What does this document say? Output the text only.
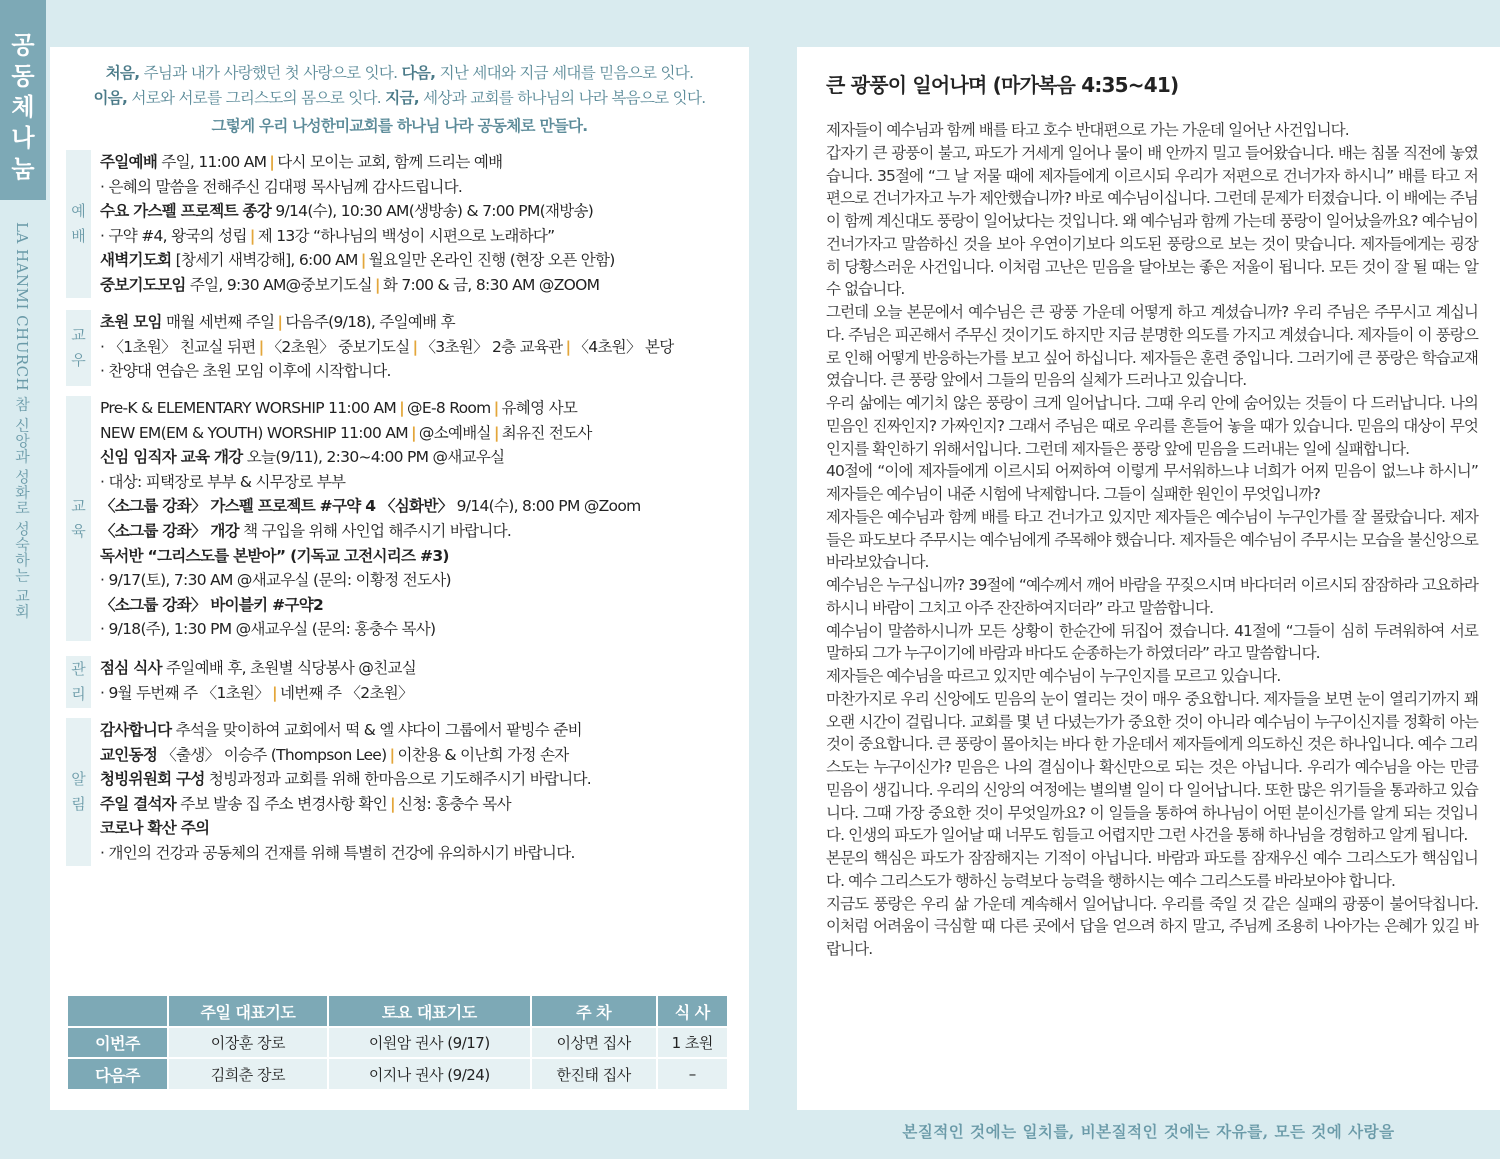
공
동
체
나
눔
LA HANMI CHURCH 참 신앙과 성화로 성숙하는 교회
처음, 주님과 내가 사랑했던 첫 사랑으로 잇다. 다음, 지난 세대와 지금 세대를 믿음으로 잇다.
이음, 서로와 서로를 그리스도의 몸으로 잇다. 지금, 세상과 교회를 하나님의 나라 복음으로 잇다.
그렇게 우리 나성한미교회를 하나님 나라 공동체로 만들다.
예
배
주일예배 주일, 11:00 AM | 다시 모이는 교회, 함께 드리는 예배
· 은혜의 말씀을 전해주신 김대평 목사님께 감사드립니다.
수요 가스펠 프로젝트 종강 9/14(수), 10:30 AM(생방송) & 7:00 PM(재방송)
· 구약 #4, 왕국의 성립 | 제 13강 “하나님의 백성이 시편으로 노래하다”
새벽기도회 [창세기 새벽강해], 6:00 AM | 월요일만 온라인 진행 (현장 오픈 안함)
중보기도모임 주일, 9:30 AM@중보기도실 | 화 7:00 & 금, 8:30 AM @ZOOM
교
우
초원 모임 매월 세번째 주일 | 다음주(9/18), 주일예배 후
· 〈1초원〉 친교실 뒤편 | 〈2초원〉 중보기도실 | 〈3초원〉 2층 교육관 | 〈4초원〉 본당
· 찬양대 연습은 초원 모임 이후에 시작합니다.
교
육
Pre-K & ELEMENTARY WORSHIP 11:00 AM | @E-8 Room | 유혜영 사모
NEW EM(EM & YOUTH) WORSHIP 11:00 AM | @소예배실 | 최유진 전도사
신임 임직자 교육 개강 오늘(9/11), 2:30~4:00 PM @새교우실
· 대상: 피택장로 부부 & 시무장로 부부
〈소그룹 강좌〉 가스펠 프로젝트 #구약 4 〈심화반〉 9/14(수), 8:00 PM @Zoom
〈소그룹 강좌〉 개강 책 구입을 위해 사인업 해주시기 바랍니다.
독서반 “그리스도를 본받아” (기독교 고전시리즈 #3)
· 9/17(토), 7:30 AM @새교우실 (문의: 이황정 전도사)
〈소그룹 강좌〉 바이블키 #구약2
· 9/18(주), 1:30 PM @새교우실 (문의: 홍충수 목사)
관
리
점심 식사 주일예배 후, 초원별 식당봉사 @친교실
· 9월 두번째 주 〈1초원〉 | 네번째 주 〈2초원〉
알
림
감사합니다 추석을 맞이하여 교회에서 떡 & 엘 샤다이 그룹에서 팥빙수 준비
교인동정 〈출생〉 이승주 (Thompson Lee) | 이찬용 & 이난희 가정 손자
청빙위원회 구성 청빙과정과 교회를 위해 한마음으로 기도해주시기 바랍니다.
주일 결석자 주보 발송 집 주소 변경사항 확인 | 신청: 홍충수 목사
코로나 확산 주의
· 개인의 건강과 공동체의 건재를 위해 특별히 건강에 유의하시기 바랍니다.
	주일 대표기도	토요 대표기도	주 차	식 사
이번주	이장훈 장로	이원암 권사 (9/17)	이상면 집사	1 초원
다음주	김희춘 장로	이지나 권사 (9/24)	한진태 집사	–
큰 광풍이 일어나며 (마가복음 4:35~41)

제자들이 예수님과 함께 배를 타고 호수 반대편으로 가는 가운데 일어난 사건입니다.

갑자기 큰 광풍이 불고, 파도가 거세게 일어나 물이 배 안까지 밀고 들어왔습니다. 배는 침몰 직전에 놓였습니다. 35절에 “그 날 저물 때에 제자들에게 이르시되 우리가 저편으로 건너가자 하시니” 배를 타고 저편으로 건너가자고 누가 제안했습니까? 바로 예수님이십니다. 그런데 문제가 터졌습니다. 이 배에는 주님이 함께 계신대도 풍랑이 일어났다는 것입니다. 왜 예수님과 함께 가는데 풍랑이 일어났을까요? 예수님이 건너가자고 말씀하신 것을 보아 우연이기보다 의도된 풍랑으로 보는 것이 맞습니다. 제자들에게는 굉장히 당황스러운 사건입니다. 이처럼 고난은 믿음을 달아보는 좋은 저울이 됩니다. 모든 것이 잘 될 때는 알 수 없습니다.

그런데 오늘 본문에서 예수님은 큰 광풍 가운데 어떻게 하고 계셨습니까? 우리 주님은 주무시고 계십니다. 주님은 피곤해서 주무신 것이기도 하지만 지금 분명한 의도를 가지고 계셨습니다. 제자들이 이 풍랑으로 인해 어떻게 반응하는가를 보고 싶어 하십니다. 제자들은 훈련 중입니다. 그러기에 큰 풍랑은 학습교재였습니다. 큰 풍랑 앞에서 그들의 믿음의 실체가 드러나고 있습니다.

우리 삶에는 예기치 않은 풍랑이 크게 일어납니다. 그때 우리 안에 숨어있는 것들이 다 드러납니다. 나의 믿음인 진짜인지? 가짜인지? 그래서 주님은 때로 우리를 흔들어 놓을 때가 있습니다. 믿음의 대상이 무엇인지를 확인하기 위해서입니다. 그런데 제자들은 풍랑 앞에 믿음을 드러내는 일에 실패합니다.

40절에 “이에 제자들에게 이르시되 어찌하여 이렇게 무서워하느냐 너희가 어찌 믿음이 없느냐 하시니” 제자들은 예수님이 내준 시험에 낙제합니다. 그들이 실패한 원인이 무엇입니까?

제자들은 예수님과 함께 배를 타고 건너가고 있지만 제자들은 예수님이 누구인가를 잘 몰랐습니다. 제자들은 파도보다 주무시는 예수님에게 주목해야 했습니다. 제자들은 예수님이 주무시는 모습을 불신앙으로 바라보았습니다.

예수님은 누구십니까? 39절에 “예수께서 깨어 바람을 꾸짖으시며 바다더러 이르시되 잠잠하라 고요하라 하시니 바람이 그치고 아주 잔잔하여지더라” 라고 말씀합니다.

예수님이 말씀하시니까 모든 상황이 한순간에 뒤집어 졌습니다. 41절에 “그들이 심히 두려워하여 서로 말하되 그가 누구이기에 바람과 바다도 순종하는가 하였더라” 라고 말씀합니다.

제자들은 예수님을 따르고 있지만 예수님이 누구인지를 모르고 있습니다.

마찬가지로 우리 신앙에도 믿음의 눈이 열리는 것이 매우 중요합니다. 제자들을 보면 눈이 열리기까지 꽤 오랜 시간이 걸립니다. 교회를 몇 년 다녔는가가 중요한 것이 아니라 예수님이 누구이신지를 정확히 아는 것이 중요합니다. 큰 풍랑이 몰아치는 바다 한 가운데서 제자들에게 의도하신 것은 하나입니다. 예수 그리스도는 누구이신가? 믿음은 나의 결심이나 확신만으로 되는 것은 아닙니다. 우리가 예수님을 아는 만큼 믿음이 생깁니다. 우리의 신앙의 여정에는 별의별 일이 다 일어납니다. 또한 많은 위기들을 통과하고 있습니다. 그때 가장 중요한 것이 무엇일까요? 이 일들을 통하여 하나님이 어떤 분이신가를 알게 되는 것입니다. 인생의 파도가 일어날 때 너무도 힘들고 어렵지만 그런 사건을 통해 하나님을 경험하고 알게 됩니다.

본문의 핵심은 파도가 잠잠해지는 기적이 아닙니다. 바람과 파도를 잠재우신 예수 그리스도가 핵심입니다. 예수 그리스도가 행하신 능력보다 능력을 행하시는 예수 그리스도를 바라보아야 합니다.

지금도 풍랑은 우리 삶 가운데 계속해서 일어납니다. 우리를 죽일 것 같은 실패의 광풍이 불어닥칩니다. 이처럼 어려움이 극심할 때 다른 곳에서 답을 얻으려 하지 말고, 주님께 조용히 나아가는 은혜가 있길 바랍니다.

본질적인 것에는 일치를, 비본질적인 것에는 자유를, 모든 것에 사랑을
